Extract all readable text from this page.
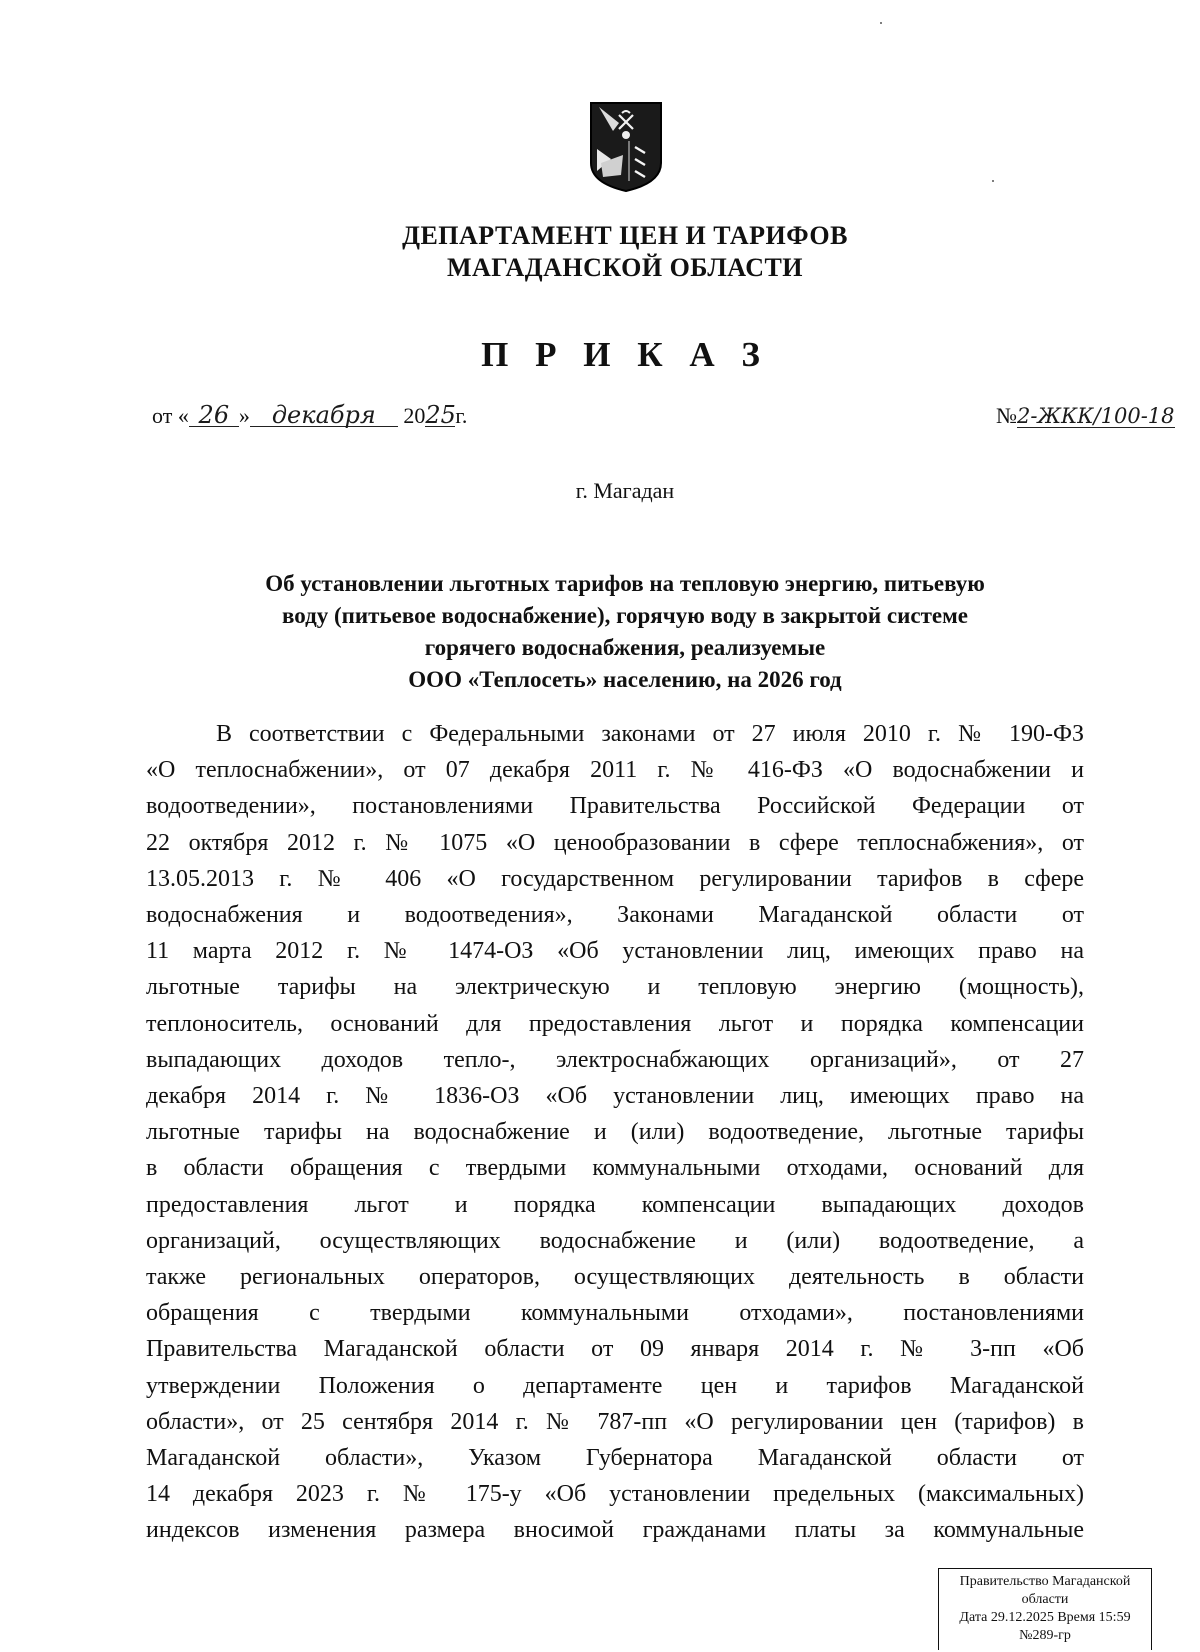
ДЕПАРТАМЕНТ ЦЕН И ТАРИФОВ
МАГАДАНСКОЙ ОБЛАСТИ
П Р И К А З
от « 26 » декабря 2025г.	№2-ЖКК/100-18
г. Магадан
Об установлении льготных тарифов на тепловую энергию, питьевую
воду (питьевое водоснабжение), горячую воду в закрытой системе
горячего водоснабжения, реализуемые
ООО «Теплосеть» населению, на 2026 год
В соответствии с Федеральными законами от 27 июля 2010 г. № 190-ФЗ
«О теплоснабжении», от 07 декабря 2011 г. № 416-ФЗ «О водоснабжении и
водоотведении», постановлениями Правительства Российской Федерации от
22 октября 2012 г. № 1075 «О ценообразовании в сфере теплоснабжения», от
13.05.2013 г. № 406 «О государственном регулировании тарифов в сфере
водоснабжения и водоотведения», Законами Магаданской области от
11 марта 2012 г. № 1474-ОЗ «Об установлении лиц, имеющих право на
льготные тарифы на электрическую и тепловую энергию (мощность),
теплоноситель, оснований для предоставления льгот и порядка компенсации
выпадающих доходов тепло-, электроснабжающих организаций», от 27
декабря 2014 г. № 1836-ОЗ «Об установлении лиц, имеющих право на
льготные тарифы на водоснабжение и (или) водоотведение, льготные тарифы
в области обращения с твердыми коммунальными отходами, оснований для
предоставления льгот и порядка компенсации выпадающих доходов
организаций, осуществляющих водоснабжение и (или) водоотведение, а
также региональных операторов, осуществляющих деятельность в области
обращения с твердыми коммунальными отходами», постановлениями
Правительства Магаданской области от 09 января 2014 г. № 3-пп «Об
утверждении Положения о департаменте цен и тарифов Магаданской
области», от 25 сентября 2014 г. № 787-пп «О регулировании цен (тарифов) в
Магаданской области», Указом Губернатора Магаданской области от
14 декабря 2023 г. № 175-у «Об установлении предельных (максимальных)
индексов изменения размера вносимой гражданами платы за коммунальные
Правительство Магаданской
области
Дата 29.12.2025 Время 15:59
№289-гр
